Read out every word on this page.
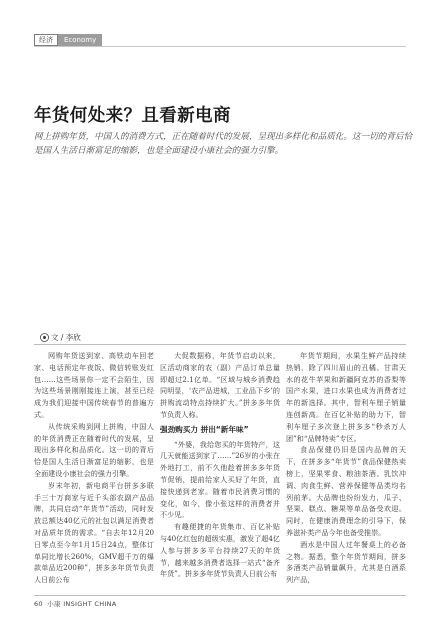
经济	Economy
年货何处来？且看新电商

网上拼购年货，中国人的消费方式，正在随着时代的发展，呈现出多样化和品质化。这一切的背后恰是国人生活日渐富足的缩影，也是全面建设小康社会的强力引擎。

文 / 李欣

网购年货送到家、高铁动车回老家、电话预定年夜饭、微信转账发红包……这些场景你一定不会陌生，因为这些场景刚刚接连上演，甚至已经成为我们迎接中国传统春节的普遍方式。

从传统采购到网上拼购，中国人的年货消费正在随着时代的发展，呈现出多样化和品质化。这一切的背后恰是国人生活日渐富足的缩影，也是全面建设小康社会的强力引擎。

岁末年初，新电商平台拼多多联手三十万商家与近千头部农副产品品牌，共同启动“年货节”活动，同时发放总额达40亿元的社包以满足消费者对品质年货的需求。“自去年12月20日零点至今年1月15日24点，整体订单同比增长260%，GMV超千万的爆款单品近200种”，拼多多年货节负责人日前公布

大促数据称，年货节启动以来，区活动商家的农（副）产品订单总量即超过2.1亿单。“区域与城乡消费趋同明显，‘农产品进城，工业品下乡’的拼购流动特点持续扩大。”拼多多年货节负责人称。

强劲购买力 拼出“新年味”

“外婆，我给您买的年货特产，这几天就能送到家了……”26岁的小张在外地打工，前不久他趁着拼多多年货节促销，提前给家人买好了年货，直接快递到老家。随着市民消费习惯的变化，如今，像小张这样的消费者并不少见。

有趣便捷的年货集市、百亿补贴与40亿红包的超级实惠，激发了超4亿人参与拼多多平台持续27天的年货节，越来越多消费者选择一站式“备齐年货”。拼多多年货节负责人日前公布

年货节期间，水果生鲜产品持续热销，除了四川眉山的丑橘、甘肃天水的花牛苹果和新疆阿克苏的香梨等国产水果，进口水果也成为消费者过年的新选择。其中，智利车厘子销量连创新高。在百亿补贴的助力下，智利车厘子多次登上拼多多“秒杀万人团”和“品牌特卖”专区。

食品保健仍旧是国内品牌的天下，在拼多多“年货节”食品保健热卖榜上，坚果零食、粮油茶酒、乳饮冲调、肉食生鲜、营养保健等品类均名列前茅。大品牌也纷纷发力，瓜子、坚果、糕点、糖果等单品备受欢迎。同时，在健康消费理念的引导下，保养滋补类产品今年也备受推崇。

酒水是中国人过年餐桌上的必备之物。据悉，整个年货节期间，拼多多酒类产品销量飙升，尤其是白酒系列产品，

60 小康 INSIGHT CHINA
